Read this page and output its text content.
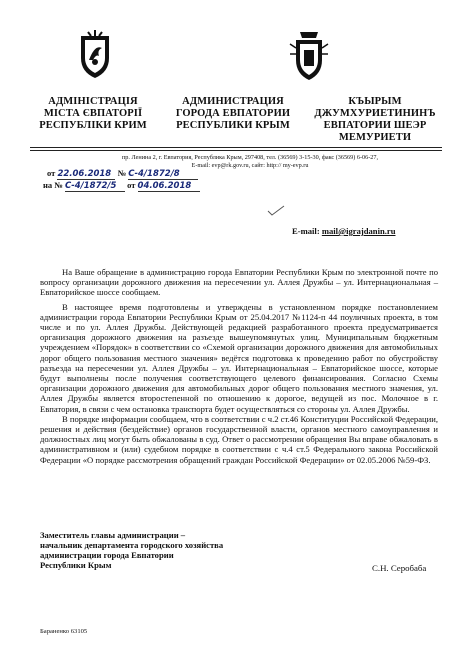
АДМІНІСТРАЦІЯ
МІСТА ЄВПАТОРІЇ
РЕСПУБЛІКИ КРИМ
АДМИНИСТРАЦИЯ
ГОРОДА ЕВПАТОРИИ
РЕСПУБЛИКИ КРЫМ
КЪЫРЫМ
ДЖУМХУРИЕТИНИНЪ
ЕВПАТОРИИ ШЕЭР
МЕМУРИЕТИ
пр. Ленина 2, г. Евпатория, Республика Крым, 297408, тел. (36569) 3-15-30, факс (36569) 6-06-27,
E-mail: evp@rk.gov.ru, сайт: http:// my-evp.ru
от 22.06.2018 № С-4/1872/8
на № С-4/1872/5 от 04.06.2018
E-mail: mail@igrajdanin.ru

На Ваше обращение в администрацию города Евпатории Республики Крым по электронной почте по вопросу организации дорожного движения на пересечении ул. Аллея Дружбы – ул. Интернациональная – Евпаторийское шоссе сообщаем.

В настоящее время подготовлены и утверждены в установленном порядке постановлением администрации города Евпатории Республики Крым от 25.04.2017 №1124-п 44 поуличных проекта, в том числе и по ул. Аллея Дружбы. Действующей редакцией разработанного проекта предусматривается организация дорожного движения на разъезде вышеупомянутых улиц. Муниципальным бюджетным учреждением «Порядок» в соответствии со «Схемой организации дорожного движения для автомобильных дорог общего пользования местного значения» ведётся подготовка к проведению работ по обустройству разъезда на пересечении ул. Аллея Дружбы – ул. Интернациональная – Евпаторийское шоссе, которые будут выполнены после получения соответствующего целевого финансирования. Согласно Схемы организации дорожного движения для автомобильных дорог общего пользования местного значения, ул. Аллея Дружбы является второстепенной по отношению к дорогое, ведущей из пос. Молочное в г. Евпатория, в связи с чем остановка транспорта будет осуществляться со стороны ул. Аллея Дружбы.

В порядке информации сообщаем, что в соответствии с ч.2 ст.46 Конституции Российской Федерации, решения и действия (бездействие) органов государственной власти, органов местного самоуправления и должностных лиц могут быть обжалованы в суд. Ответ о рассмотрении обращения Вы вправе обжаловать в административном и (или) судебном порядке в соответствии с ч.4 ст.5 Федерального закона Российской Федерации «О порядке рассмотрения обращений граждан Российской Федерации» от 02.05.2006 №59-ФЗ.

Заместитель главы администрации –
начальник департамента городского хозяйства
администрации города Евпатории
Республики Крым	С.Н. Серобаба
Бараненко 63105
